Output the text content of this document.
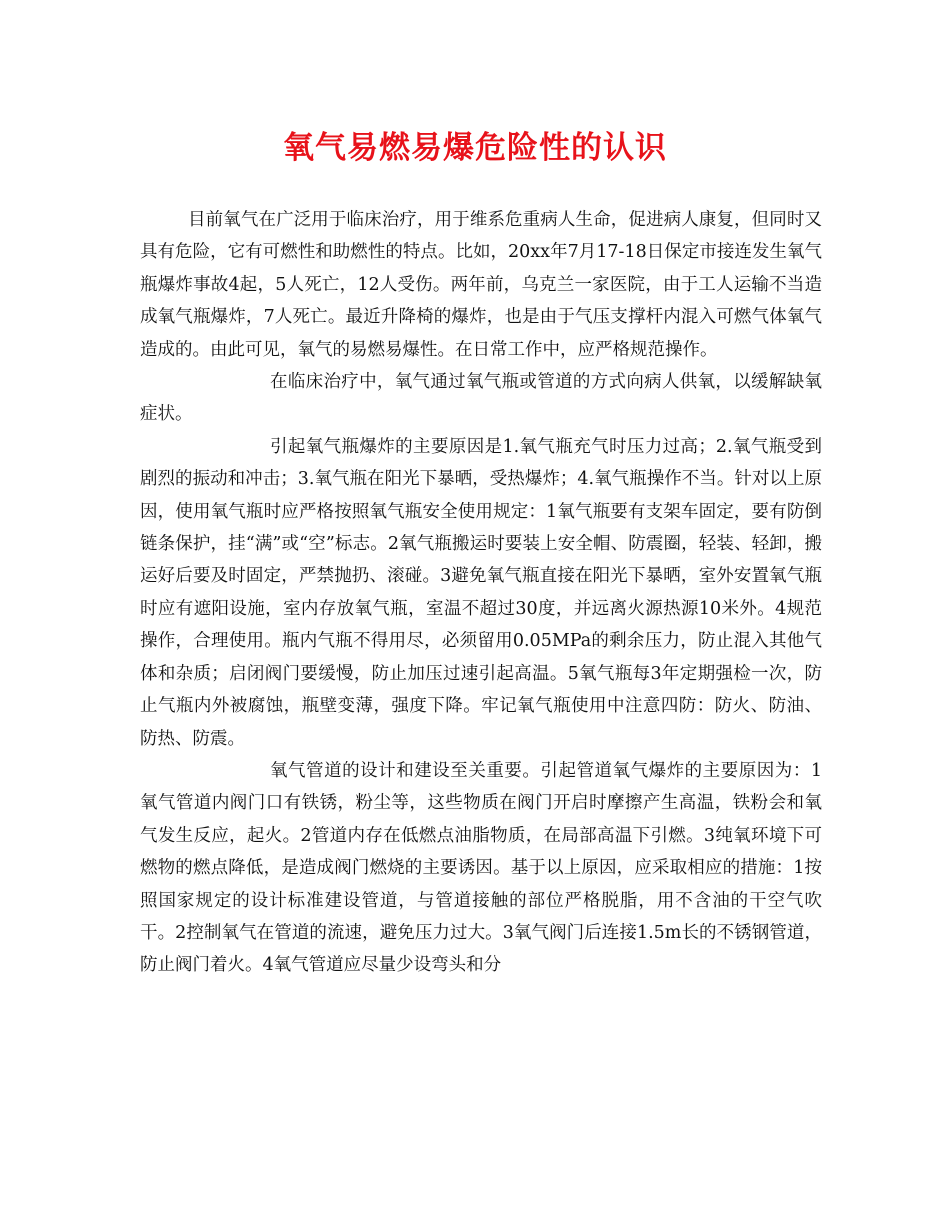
氧气易燃易爆危险性的认识

目前氧气在广泛用于临床治疗，用于维系危重病人生命，促进病人康复，但同时又具有危险，它有可燃性和助燃性的特点。比如，20xx年7月17-18日保定市接连发生氧气瓶爆炸事故4起，5人死亡，12人受伤。两年前，乌克兰一家医院，由于工人运输不当造成氧气瓶爆炸，7人死亡。最近升降椅的爆炸，也是由于气压支撑杆内混入可燃气体氧气造成的。由此可见，氧气的易燃易爆性。在日常工作中，应严格规范操作。

在临床治疗中，氧气通过氧气瓶或管道的方式向病人供氧，以缓解缺氧症状。

引起氧气瓶爆炸的主要原因是1.氧气瓶充气时压力过高；2.氧气瓶受到剧烈的振动和冲击；3.氧气瓶在阳光下暴晒，受热爆炸；4.氧气瓶操作不当。针对以上原因，使用氧气瓶时应严格按照氧气瓶安全使用规定：1氧气瓶要有支架车固定，要有防倒链条保护，挂“满”或“空”标志。2氧气瓶搬运时要装上安全帽、防震圈，轻装、轻卸，搬运好后要及时固定，严禁抛扔、滚碰。3避免氧气瓶直接在阳光下暴晒，室外安置氧气瓶时应有遮阳设施，室内存放氧气瓶，室温不超过30度，并远离火源热源10米外。4规范操作，合理使用。瓶内气瓶不得用尽，必须留用0.05MPa的剩余压力，防止混入其他气体和杂质；启闭阀门要缓慢，防止加压过速引起高温。5氧气瓶每3年定期强检一次，防止气瓶内外被腐蚀，瓶壁变薄，强度下降。牢记氧气瓶使用中注意四防：防火、防油、防热、防震。

氧气管道的设计和建设至关重要。引起管道氧气爆炸的主要原因为：1氧气管道内阀门口有铁锈，粉尘等，这些物质在阀门开启时摩擦产生高温，铁粉会和氧气发生反应，起火。2管道内存在低燃点油脂物质，在局部高温下引燃。3纯氧环境下可燃物的燃点降低，是造成阀门燃烧的主要诱因。基于以上原因，应采取相应的措施：1按照国家规定的设计标准建设管道，与管道接触的部位严格脱脂，用不含油的干空气吹干。2控制氧气在管道的流速，避免压力过大。3氧气阀门后连接1.5m长的不锈钢管道，防止阀门着火。4氧气管道应尽量少设弯头和分
